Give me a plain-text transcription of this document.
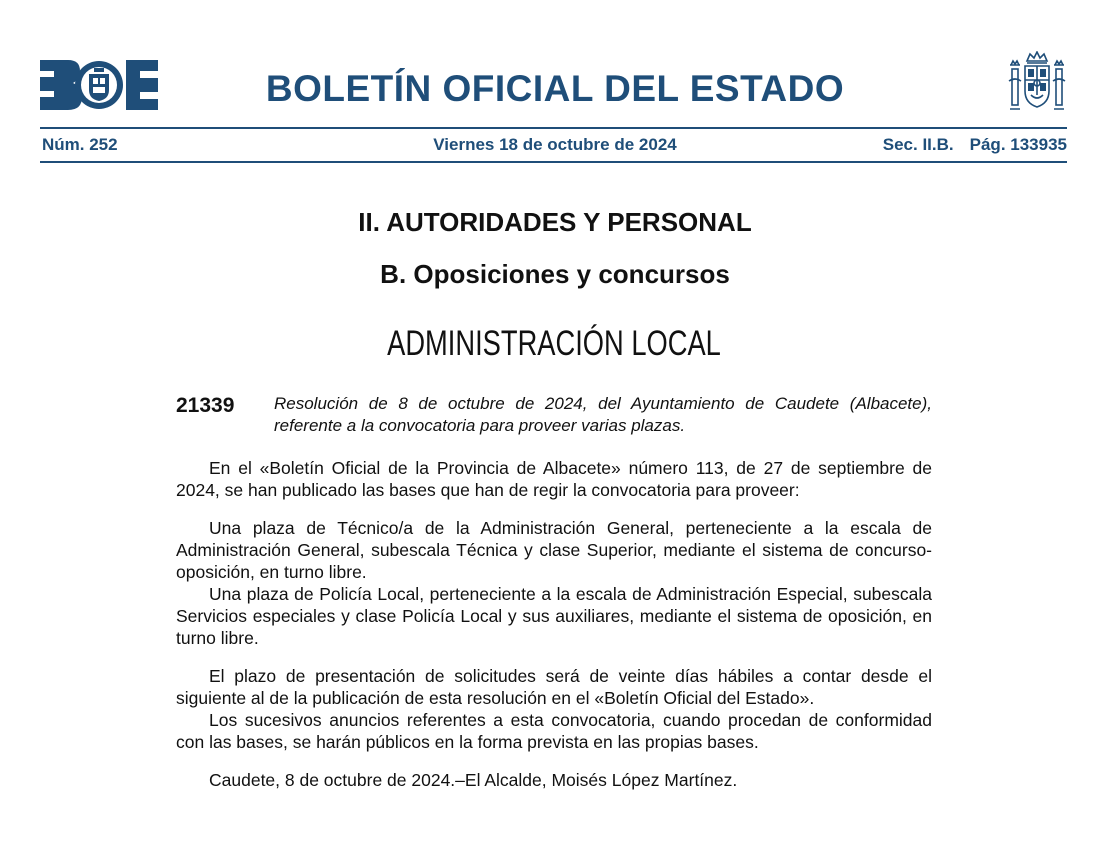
BOLETÍN OFICIAL DEL ESTADO
Núm. 252	Viernes 18 de octubre de 2024	Sec. II.B. Pág. 133935
II. AUTORIDADES Y PERSONAL
B. Oposiciones y concursos
ADMINISTRACIÓN LOCAL
21339 Resolución de 8 de octubre de 2024, del Ayuntamiento de Caudete (Albacete), referente a la convocatoria para proveer varias plazas.

En el «Boletín Oficial de la Provincia de Albacete» número 113, de 27 de septiembre de 2024, se han publicado las bases que han de regir la convocatoria para proveer:

Una plaza de Técnico/a de la Administración General, perteneciente a la escala de Administración General, subescala Técnica y clase Superior, mediante el sistema de concurso-oposición, en turno libre.

Una plaza de Policía Local, perteneciente a la escala de Administración Especial, subescala Servicios especiales y clase Policía Local y sus auxiliares, mediante el sistema de oposición, en turno libre.

El plazo de presentación de solicitudes será de veinte días hábiles a contar desde el siguiente al de la publicación de esta resolución en el «Boletín Oficial del Estado».

Los sucesivos anuncios referentes a esta convocatoria, cuando procedan de conformidad con las bases, se harán públicos en la forma prevista en las propias bases.

Caudete, 8 de octubre de 2024.–El Alcalde, Moisés López Martínez.
